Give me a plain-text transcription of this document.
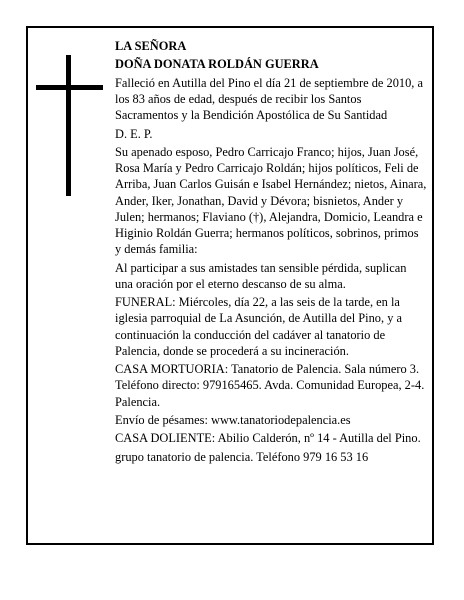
LA SEÑORA

DOÑA DONATA ROLDÁN GUERRA

Falleció en Autilla del Pino el día 21 de septiembre de 2010, a los 83 años de edad, después de recibir los Santos Sacramentos y la Bendición Apostólica de Su Santidad

D. E. P.

Su apenado esposo, Pedro Carricajo Franco; hijos, Juan José, Rosa María y Pedro Carricajo Roldán; hijos políticos, Feli de Arriba, Juan Carlos Guisán e Isabel Hernández; nietos, Ainara, Ander, Iker, Jonathan, David y Dévora; bisnietos, Ander y Julen; hermanos; Flaviano (†), Alejandra, Domicio, Leandra e Higinio Roldán Guerra; hermanos políticos, sobrinos, primos y demás familia:

Al participar a sus amistades tan sensible pérdida, suplican una oración por el eterno descanso de su alma.

FUNERAL: Miércoles, día 22, a las seis de la tarde, en la iglesia parroquial de La Asunción, de Autilla del Pino, y a continuación la conducción del cadáver al tanatorio de Palencia, donde se procederá a su incineración.

CASA MORTUORIA: Tanatorio de Palencia. Sala número 3. Teléfono directo: 979165465. Avda. Comunidad Europea, 2-4. Palencia.

Envío de pésames: www.tanatoriodepalencia.es

CASA DOLIENTE: Abilio Calderón, nº 14 - Autilla del Pino.

grupo tanatorio de palencia. Teléfono 979 16 53 16
